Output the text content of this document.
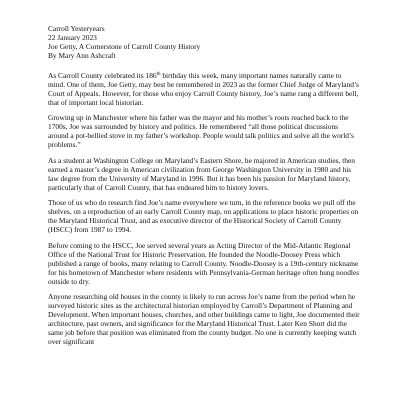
Carroll Yesteryears
22 January 2023
Joe Getty, A Cornerstone of Carroll County History
By Mary Ann Ashcraft

As Carroll County celebrated its 186th birthday this week, many important names naturally came to mind. One of them, Joe Getty, may best be remembered in 2023 as the former Chief Judge of Maryland’s Court of Appeals. However, for those who enjoy Carroll County history, Joe’s name rang a different bell, that of important local historian.

Growing up in Manchester where his father was the mayor and his mother’s roots reached back to the 1700s, Joe was surrounded by history and politics. He remembered “all those political discussions around a pot-bellied stove in my father’s workshop. People would talk politics and solve all the world’s problems.”

As a student at Washington College on Maryland’s Eastern Shore, he majored in American studies, then earned a master’s degree in American civilization from George Washington University in 1980 and his law degree from the University of Maryland in 1996. But it has been his passion for Maryland history, particularly that of Carroll County, that has endeared him to history lovers.

Those of us who do research find Joe’s name everywhere we turn, in the reference books we pull off the shelves, on a reproduction of an early Carroll County map, on applications to place historic properties on the Maryland Historical Trust, and as executive director of the Historical Society of Carroll County (HSCC) from 1987 to 1994.

Before coming to the HSCC, Joe served several years as Acting Director of the Mid-Atlantic Regional Office of the National Trust for Historic Preservation. He founded the Noodle-Doosey Press which published a range of books, many relating to Carroll County. Noodle-Doosey is a 19th-century nickname for his hometown of Manchester where residents with Pennsylvania-German heritage often hung noodles outside to dry.

Anyone researching old houses in the county is likely to run across Joe’s name from the period when he surveyed historic sites as the architectural historian employed by Carroll’s Department of Planning and Development. When important houses, churches, and other buildings came to light, Joe documented their architecture, past owners, and significance for the Maryland Historical Trust. Later Ken Short did the same job before that position was eliminated from the county budget. No one is currently keeping watch over significant
